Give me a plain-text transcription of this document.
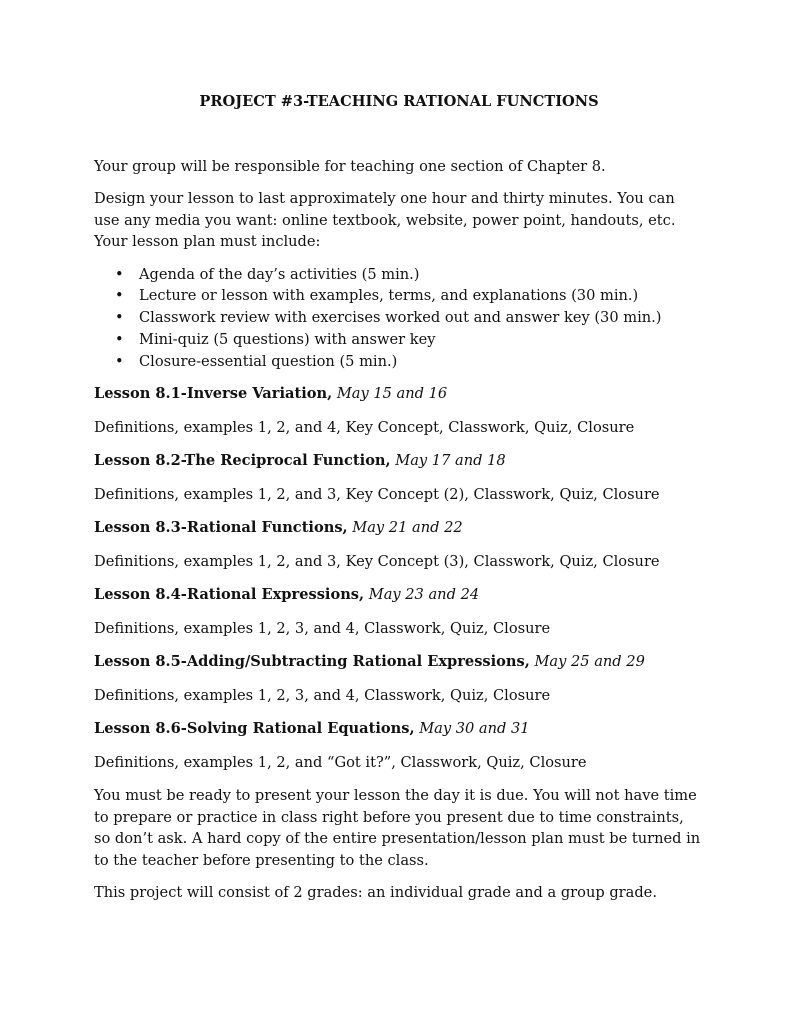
PROJECT #3-TEACHING RATIONAL FUNCTIONS

Your group will be responsible for teaching one section of Chapter 8.

Design your lesson to last approximately one hour and thirty minutes. You can use any media you want: online textbook, website, power point, handouts, etc. Your lesson plan must include:

• Agenda of the day’s activities (5 min.)
• Lecture or lesson with examples, terms, and explanations (30 min.)
• Classwork review with exercises worked out and answer key (30 min.)
• Mini-quiz (5 questions) with answer key
• Closure-essential question (5 min.)

Lesson 8.1-Inverse Variation, May 15 and 16

Definitions, examples 1, 2, and 4, Key Concept, Classwork, Quiz, Closure

Lesson 8.2-The Reciprocal Function, May 17 and 18

Definitions, examples 1, 2, and 3, Key Concept (2), Classwork, Quiz, Closure

Lesson 8.3-Rational Functions, May 21 and 22

Definitions, examples 1, 2, and 3, Key Concept (3), Classwork, Quiz, Closure

Lesson 8.4-Rational Expressions, May 23 and 24

Definitions, examples 1, 2, 3, and 4, Classwork, Quiz, Closure

Lesson 8.5-Adding/Subtracting Rational Expressions, May 25 and 29

Definitions, examples 1, 2, 3, and 4, Classwork, Quiz, Closure

Lesson 8.6-Solving Rational Equations, May 30 and 31

Definitions, examples 1, 2, and “Got it?”, Classwork, Quiz, Closure

You must be ready to present your lesson the day it is due. You will not have time to prepare or practice in class right before you present due to time constraints, so don’t ask. A hard copy of the entire presentation/lesson plan must be turned in to the teacher before presenting to the class.

This project will consist of 2 grades: an individual grade and a group grade.
